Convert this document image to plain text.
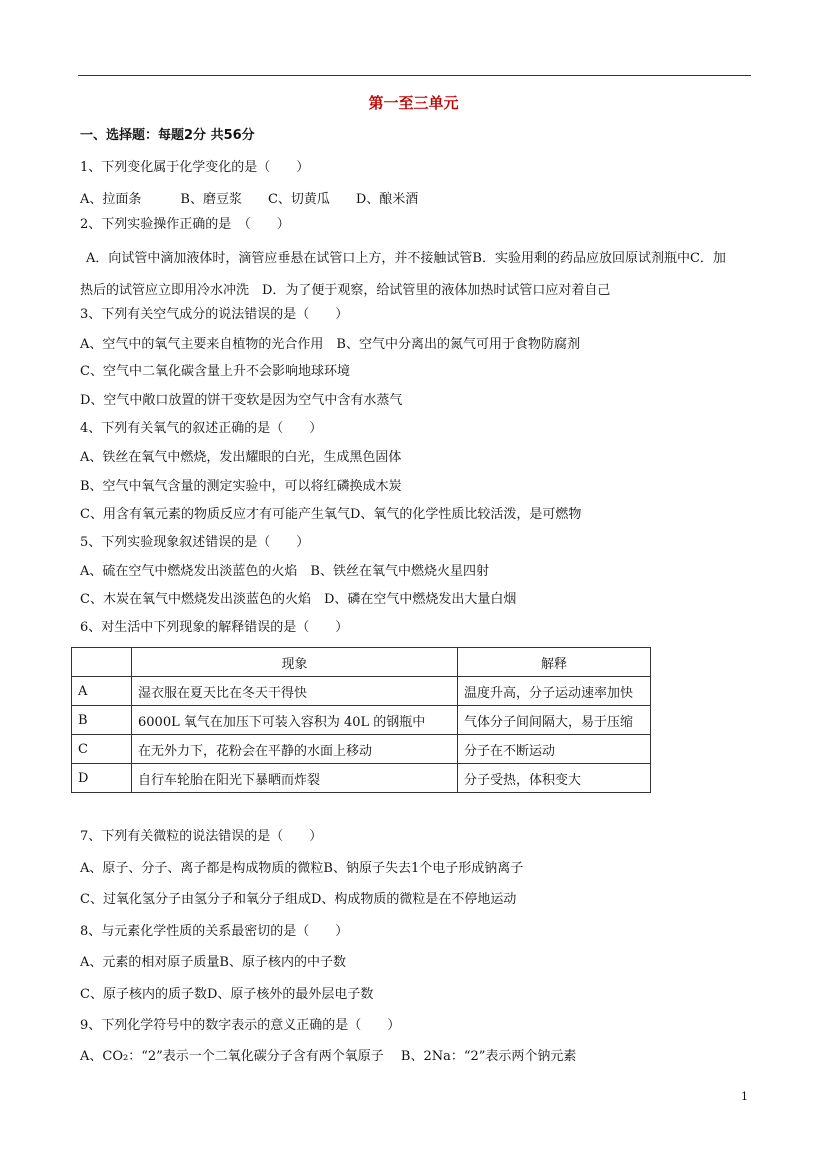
第一至三单元
一、选择题：每题2分 共56分
1、下列变化属于化学变化的是（　　）
A、拉面条　　　B、磨豆浆　　C、切黄瓜　　D、酿米酒
2、下列实验操作正确的是　（　　）
A．向试管中滴加液体时，滴管应垂悬在试管口上方，并不接触试管B．实验用剩的药品应放回原试剂瓶中C．加
热后的试管应立即用冷水冲洗　D．为了便于观察，给试管里的液体加热时试管口应对着自己
3、下列有关空气成分的说法错误的是（　　）
A、空气中的氧气主要来自植物的光合作用　B、空气中分离出的氮气可用于食物防腐剂
C、空气中二氧化碳含量上升不会影响地球环境
D、空气中敞口放置的饼干变软是因为空气中含有水蒸气
4、下列有关氧气的叙述正确的是（　　）
A、铁丝在氧气中燃烧，发出耀眼的白光，生成黑色固体
B、空气中氧气含量的测定实验中，可以将红磷换成木炭
C、用含有氧元素的物质反应才有可能产生氧气D、氧气的化学性质比较活泼，是可燃物
5、下列实验现象叙述错误的是（　　）
A、硫在空气中燃烧发出淡蓝色的火焰　B、铁丝在氧气中燃烧火星四射
C、木炭在氧气中燃烧发出淡蓝色的火焰　D、磷在空气中燃烧发出大量白烟
6、对生活中下列现象的解释错误的是（　　）
	现象	解释
A	湿衣服在夏天比在冬天干得快	温度升高，分子运动速率加快
B	6000L 氧气在加压下可装入容积为 40L 的钢瓶中	气体分子间间隔大，易于压缩
C	在无外力下，花粉会在平静的水面上移动	分子在不断运动
D	自行车轮胎在阳光下暴晒而炸裂	分子受热，体积变大
7、下列有关微粒的说法错误的是（　　）
A、原子、分子、离子都是构成物质的微粒B、钠原子失去1个电子形成钠离子
C、过氧化氢分子由氢分子和氧分子组成D、构成物质的微粒是在不停地运动
8、与元素化学性质的关系最密切的是（　　）
A、元素的相对原子质量B、原子核内的中子数
C、原子核内的质子数D、原子核外的最外层电子数
9、下列化学符号中的数字表示的意义正确的是（　　）
A、CO₂：“2”表示一个二氧化碳分子含有两个氧原子　 B、2Na：“2”表示两个钠元素
1
